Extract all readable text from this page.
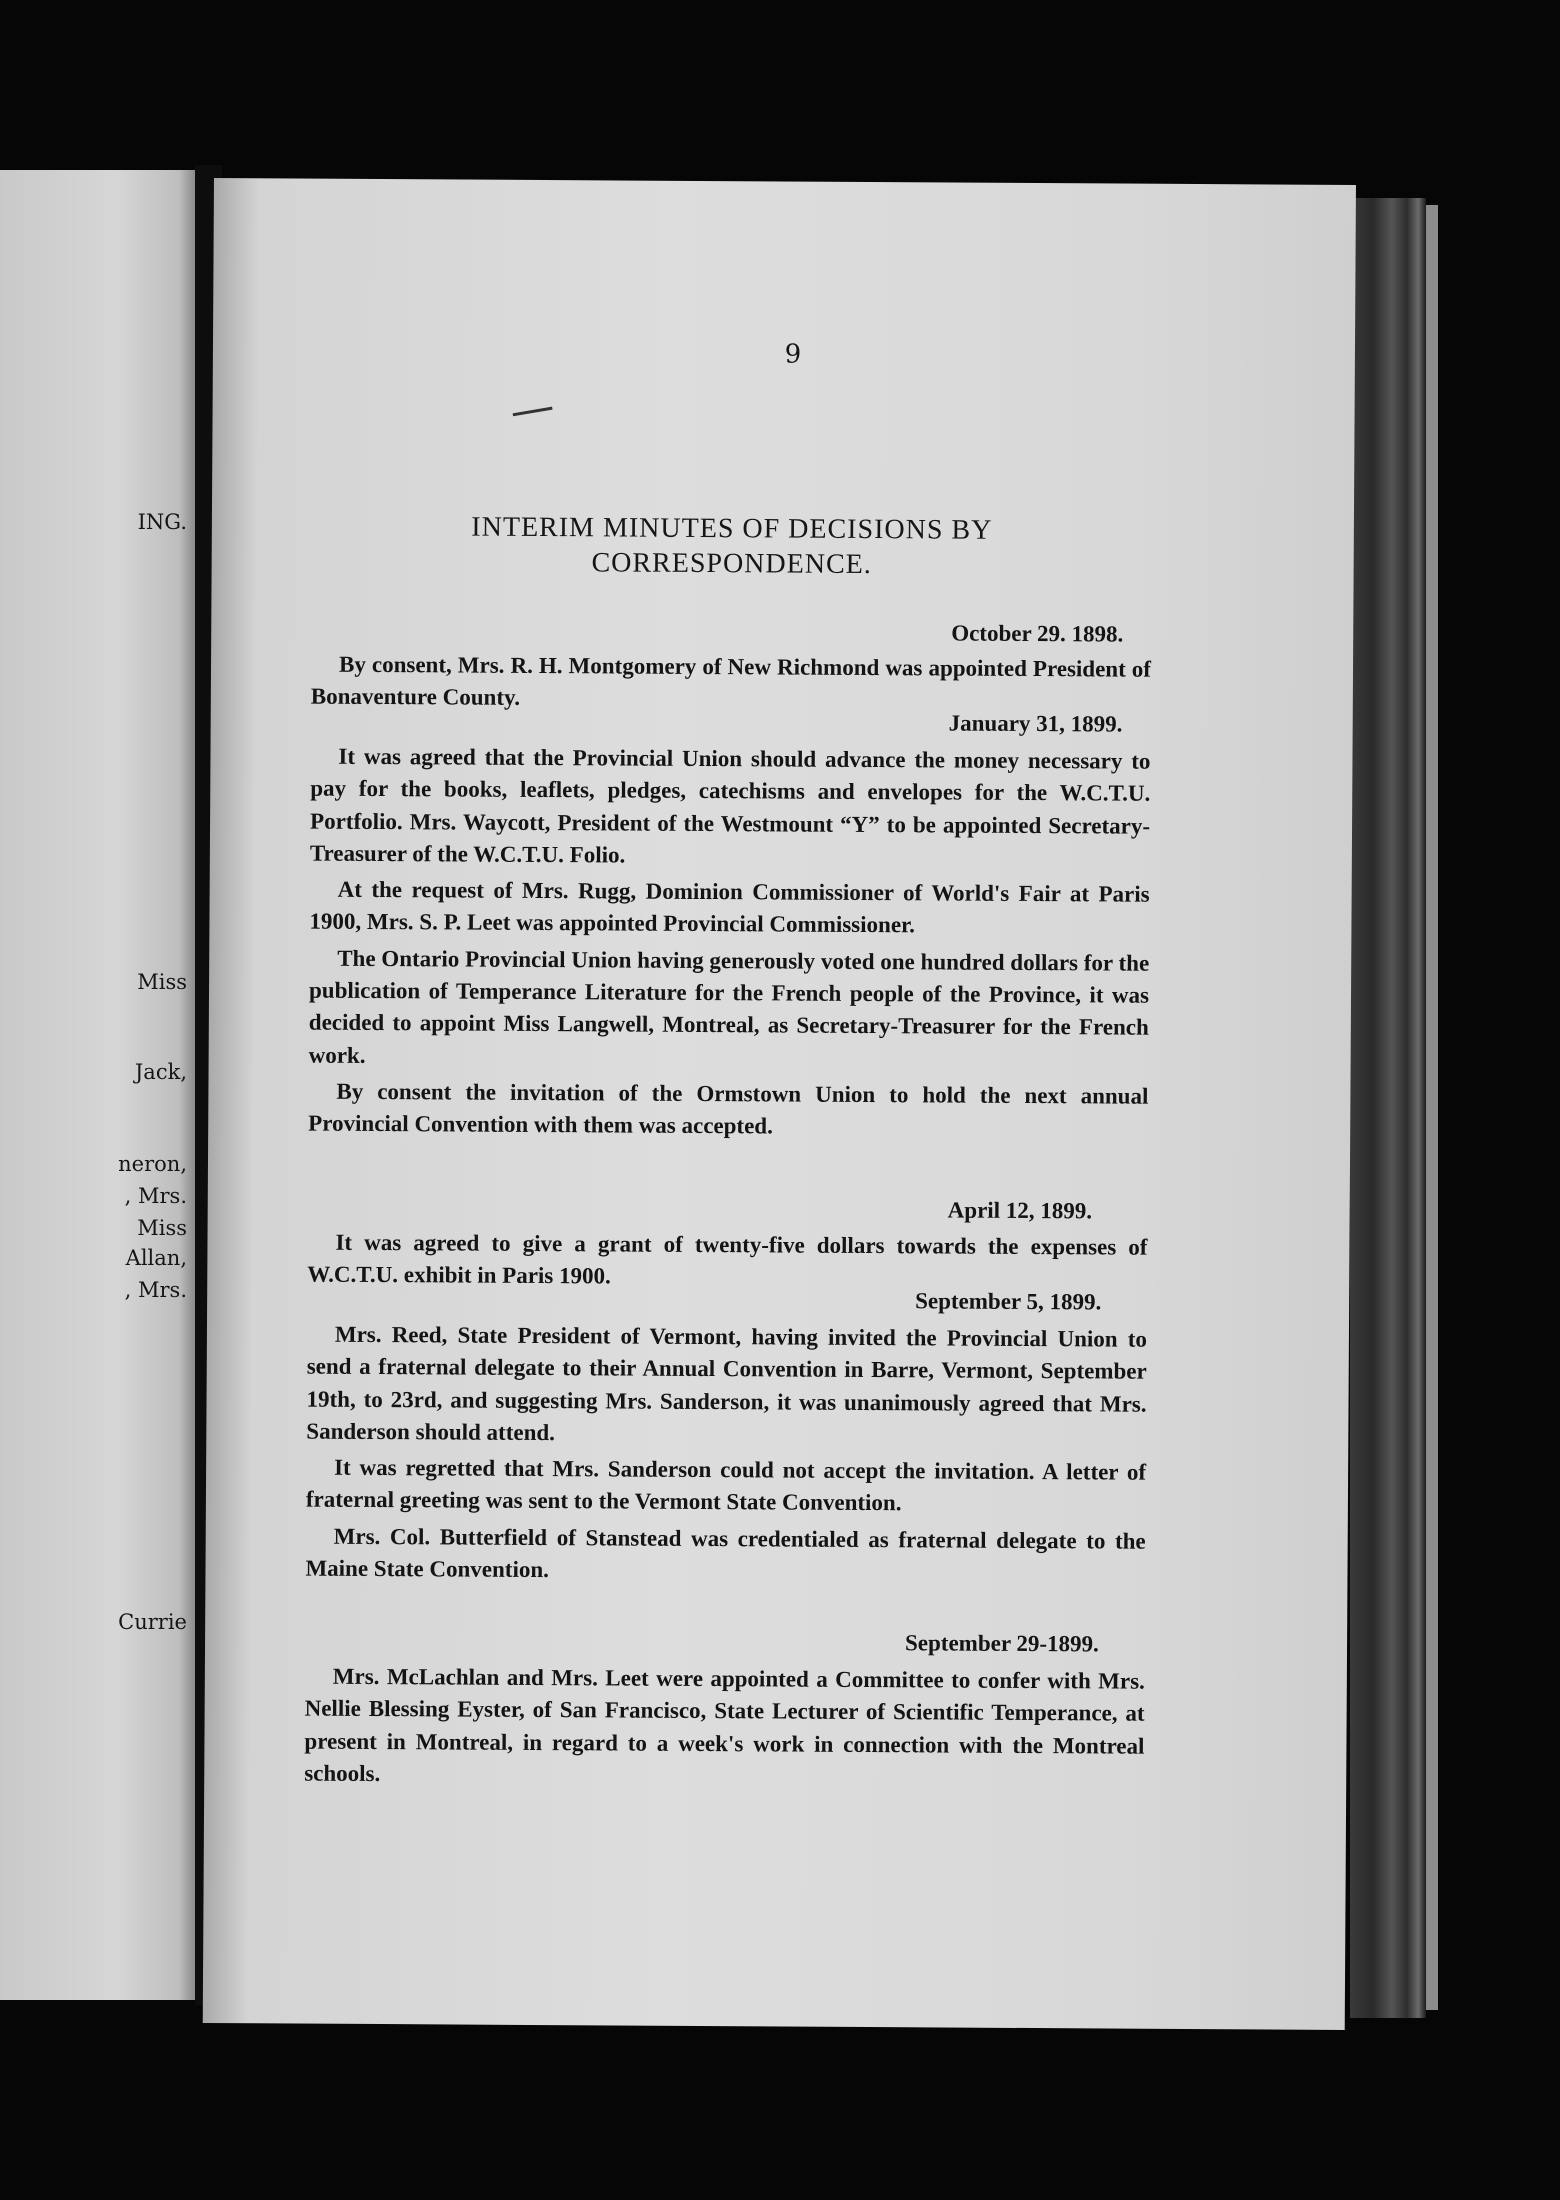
ING.
Miss
Jack,
neron,
, Mrs.
Miss
Allan,
, Mrs.
Currie
9
INTERIM MINUTES OF DECISIONS BY
CORRESPONDENCE.
October 29. 1898.

By consent, Mrs. R. H. Montgomery of New Richmond was appointed President of Bonaventure County.

January 31, 1899.

It was agreed that the Provincial Union should advance the money necessary to pay for the books, leaflets, pledges, catechisms and envelopes for the W.C.T.U. Portfolio. Mrs. Waycott, President of the Westmount “Y” to be appointed Secretary-Treasurer of the W.C.T.U. Folio.

At the request of Mrs. Rugg, Dominion Commissioner of World's Fair at Paris 1900, Mrs. S. P. Leet was appointed Provincial Commissioner.

The Ontario Provincial Union having generously voted one hundred dollars for the publication of Temperance Literature for the French people of the Province, it was decided to appoint Miss Langwell, Montreal, as Secretary-Treasurer for the French work.

By consent the invitation of the Ormstown Union to hold the next annual Provincial Convention with them was accepted.

April 12, 1899.

It was agreed to give a grant of twenty-five dollars towards the expenses of W.C.T.U. exhibit in Paris 1900.

September 5, 1899.

Mrs. Reed, State President of Vermont, having invited the Provincial Union to send a fraternal delegate to their Annual Convention in Barre, Vermont, September 19th, to 23rd, and suggesting Mrs. Sanderson, it was unanimously agreed that Mrs. Sanderson should attend.

It was regretted that Mrs. Sanderson could not accept the invitation. A letter of fraternal greeting was sent to the Vermont State Convention.

Mrs. Col. Butterfield of Stanstead was credentialed as fraternal delegate to the Maine State Convention.

September 29-1899.

Mrs. McLachlan and Mrs. Leet were appointed a Committee to confer with Mrs. Nellie Blessing Eyster, of San Francisco, State Lecturer of Scientific Temperance, at present in Montreal, in regard to a week's work in connection with the Montreal schools.
